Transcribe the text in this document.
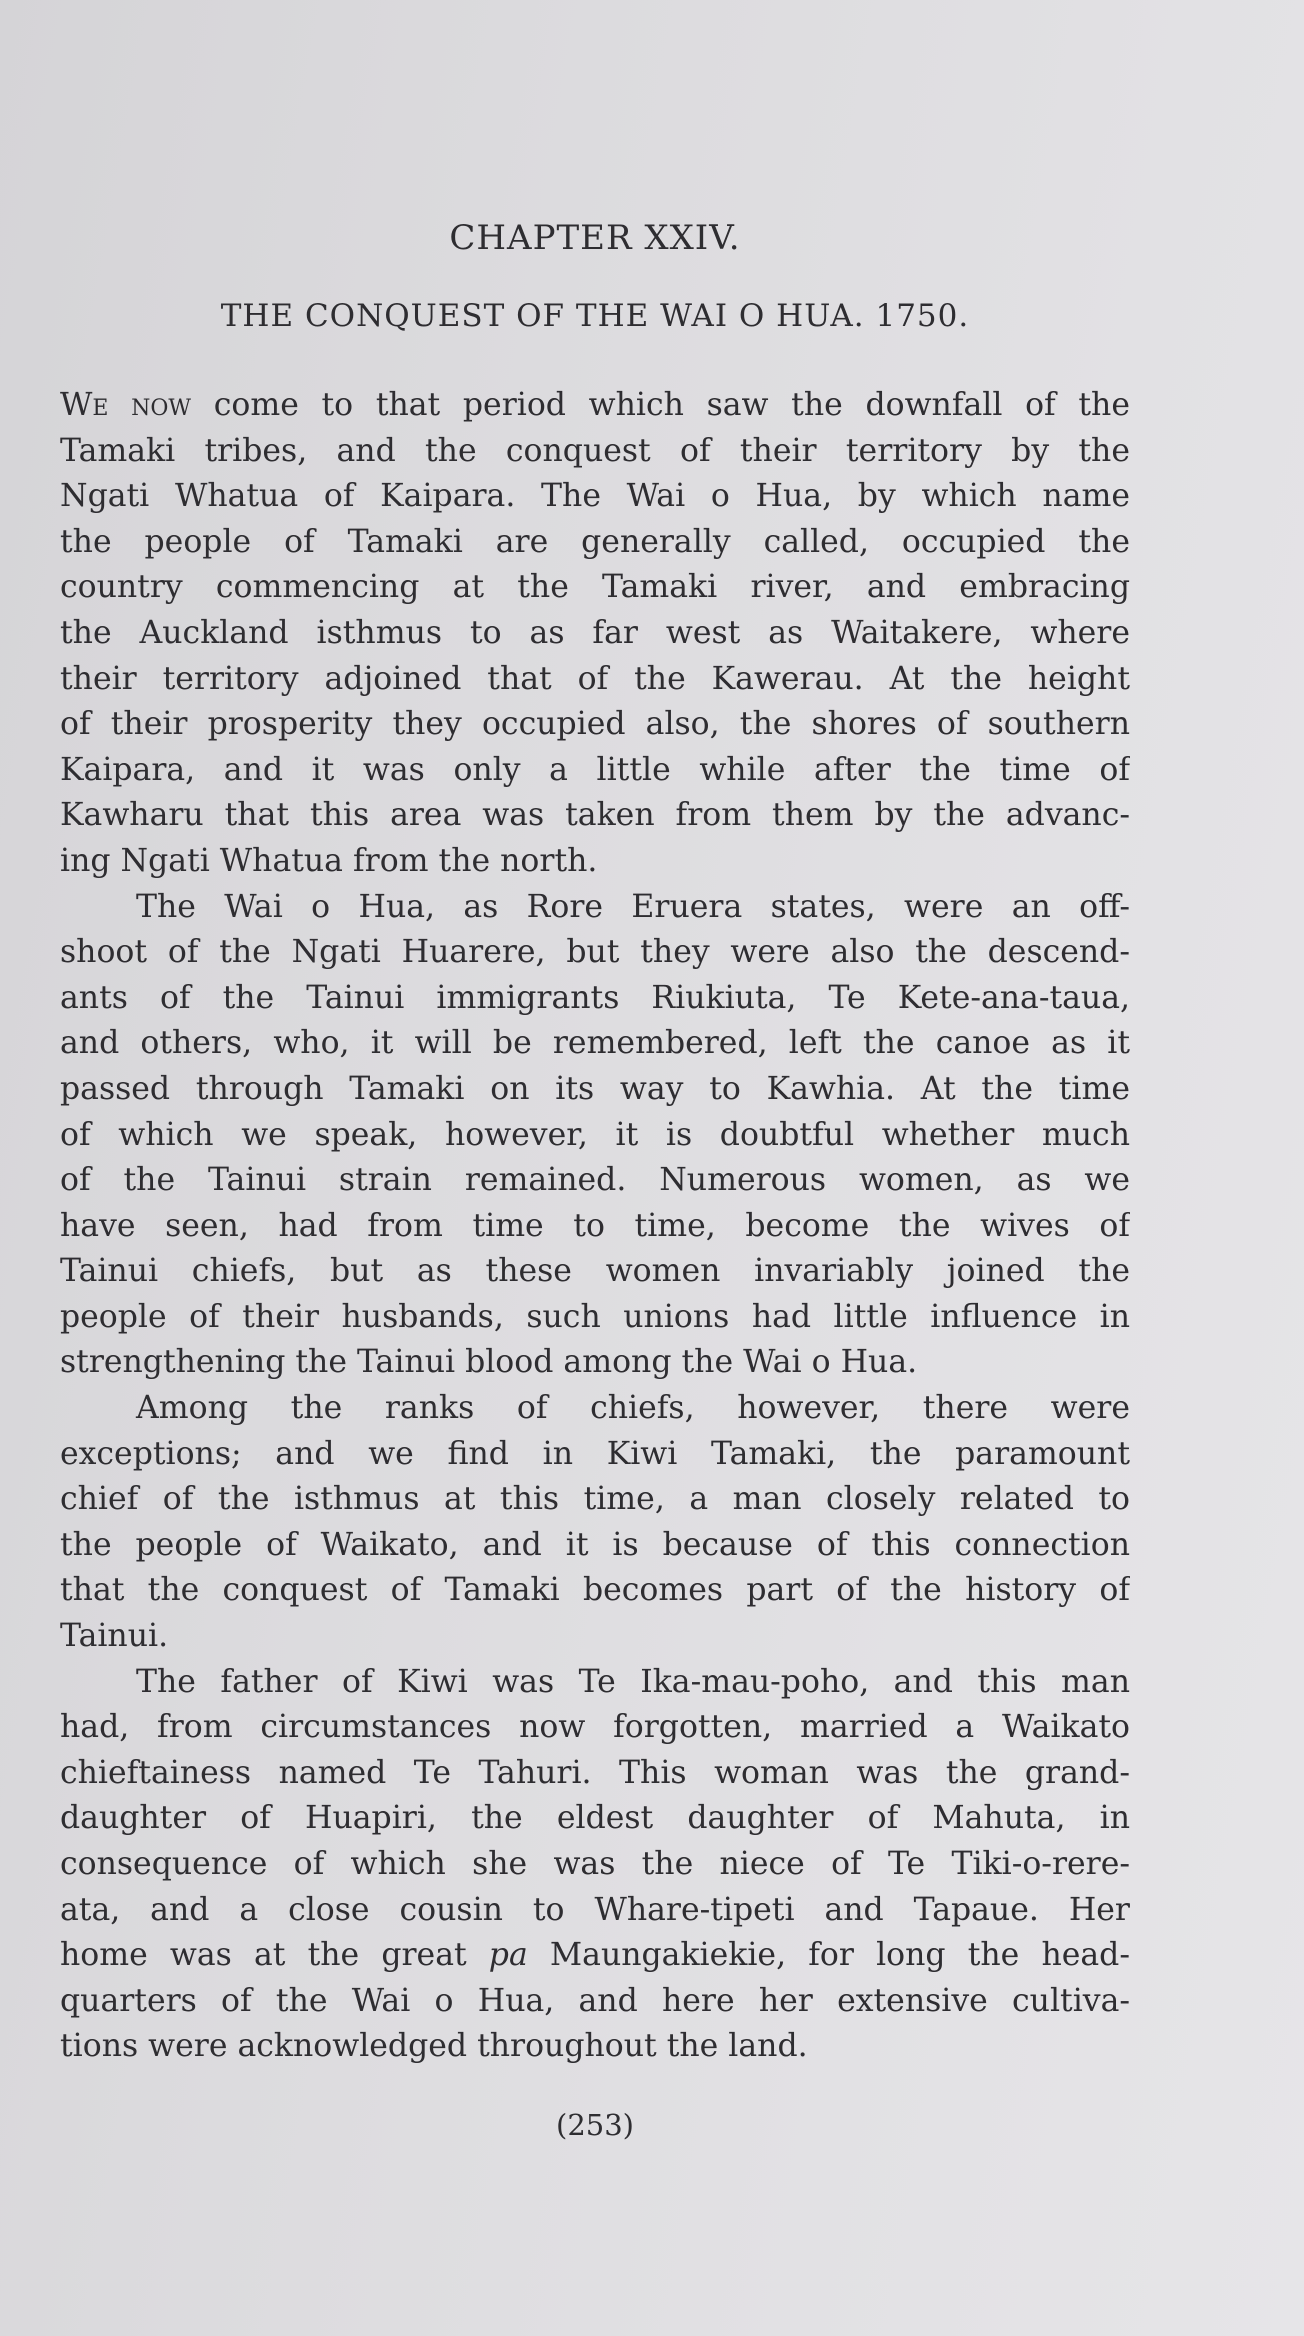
CHAPTER XXIV.
THE CONQUEST OF THE WAI O HUA. 1750.
We now come to that period which saw the downfall of the
Tamaki tribes, and the conquest of their territory by the
Ngati Whatua of Kaipara. The Wai o Hua, by which name
the people of Tamaki are generally called, occupied the
country commencing at the Tamaki river, and embracing
the Auckland isthmus to as far west as Waitakere, where
their territory adjoined that of the Kawerau. At the height
of their prosperity they occupied also, the shores of southern
Kaipara, and it was only a little while after the time of
Kawharu that this area was taken from them by the advanc-
ing Ngati Whatua from the north.
The Wai o Hua, as Rore Eruera states, were an off-
shoot of the Ngati Huarere, but they were also the descend-
ants of the Tainui immigrants Riukiuta, Te Kete-ana-taua,
and others, who, it will be remembered, left the canoe as it
passed through Tamaki on its way to Kawhia. At the time
of which we speak, however, it is doubtful whether much
of the Tainui strain remained. Numerous women, as we
have seen, had from time to time, become the wives of
Tainui chiefs, but as these women invariably joined the
people of their husbands, such unions had little influence in
strengthening the Tainui blood among the Wai o Hua.
Among the ranks of chiefs, however, there were
exceptions; and we find in Kiwi Tamaki, the paramount
chief of the isthmus at this time, a man closely related to
the people of Waikato, and it is because of this connection
that the conquest of Tamaki becomes part of the history of
Tainui.
The father of Kiwi was Te Ika-mau-poho, and this man
had, from circumstances now forgotten, married a Waikato
chieftainess named Te Tahuri. This woman was the grand-
daughter of Huapiri, the eldest daughter of Mahuta, in
consequence of which she was the niece of Te Tiki-o-rere-
ata, and a close cousin to Whare-tipeti and Tapaue. Her
home was at the great pa Maungakiekie, for long the head-
quarters of the Wai o Hua, and here her extensive cultiva-
tions were acknowledged throughout the land.
(253)
